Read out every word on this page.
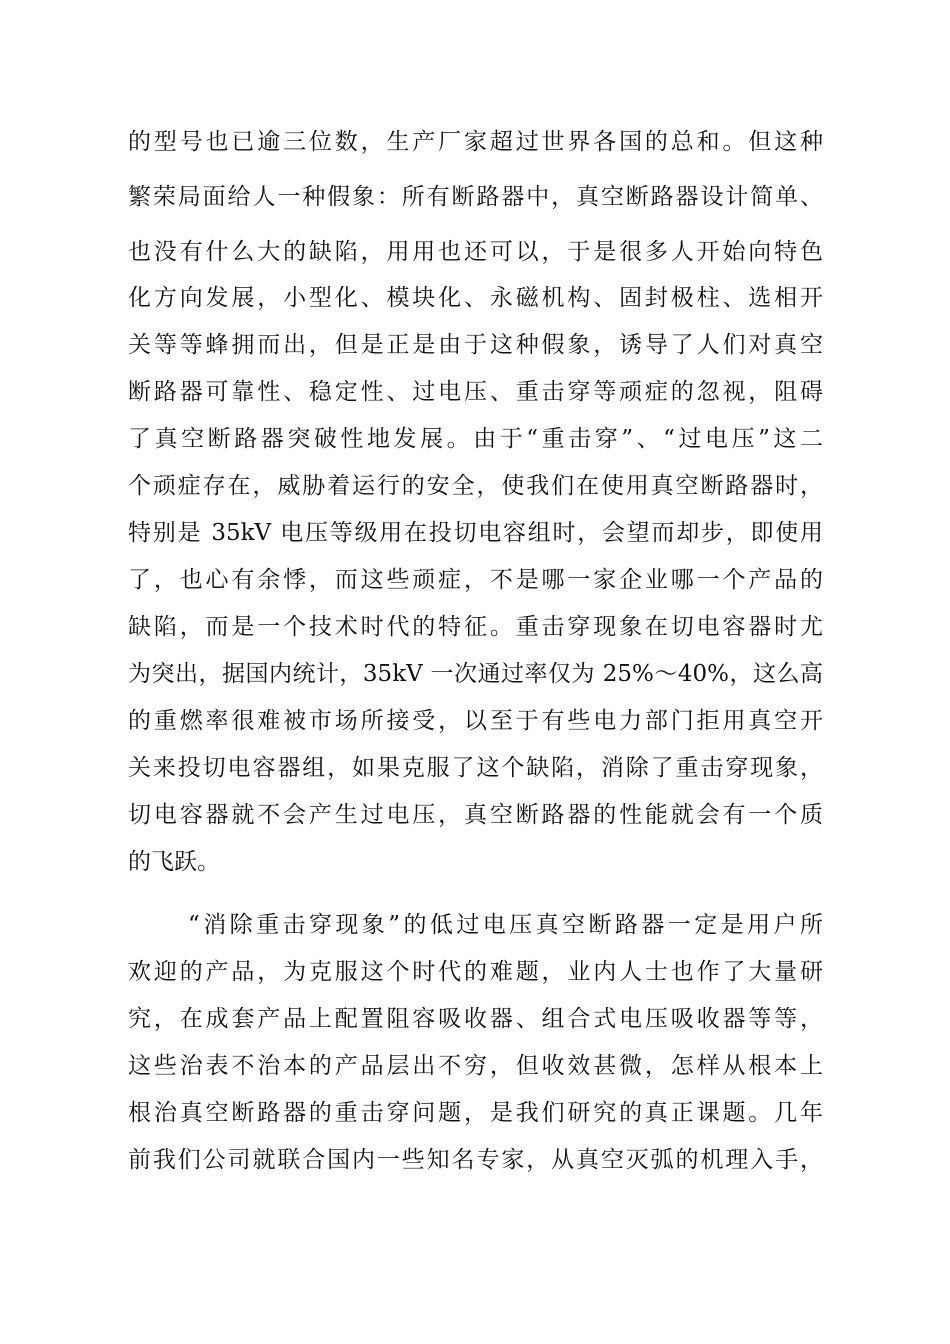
的型号也已逾三位数，生产厂家超过世界各国的总和。但这种
繁荣局面给人一种假象：所有断路器中，真空断路器设计简单、
也没有什么大的缺陷，用用也还可以，于是很多人开始向特色
化方向发展，小型化、模块化、永磁机构、固封极柱、选相开
关等等蜂拥而出，但是正是由于这种假象，诱导了人们对真空
断路器可靠性、稳定性、过电压、重击穿等顽症的忽视，阻碍
了真空断路器突破性地发展。由于“重击穿”、“过电压”这二
个顽症存在，威胁着运行的安全，使我们在使用真空断路器时，
特别是 35kV 电压等级用在投切电容组时，会望而却步，即使用
了，也心有余悸，而这些顽症，不是哪一家企业哪一个产品的
缺陷，而是一个技术时代的特征。重击穿现象在切电容器时尤
为突出，据国内统计，35kV 一次通过率仅为 25%～40%，这么高
的重燃率很难被市场所接受，以至于有些电力部门拒用真空开
关来投切电容器组，如果克服了这个缺陷，消除了重击穿现象，
切电容器就不会产生过电压，真空断路器的性能就会有一个质
的飞跃。
“消除重击穿现象”的低过电压真空断路器一定是用户所
欢迎的产品，为克服这个时代的难题，业内人士也作了大量研
究，在成套产品上配置阻容吸收器、组合式电压吸收器等等，
这些治表不治本的产品层出不穷，但收效甚微，怎样从根本上
根治真空断路器的重击穿问题，是我们研究的真正课题。几年
前我们公司就联合国内一些知名专家，从真空灭弧的机理入手，
